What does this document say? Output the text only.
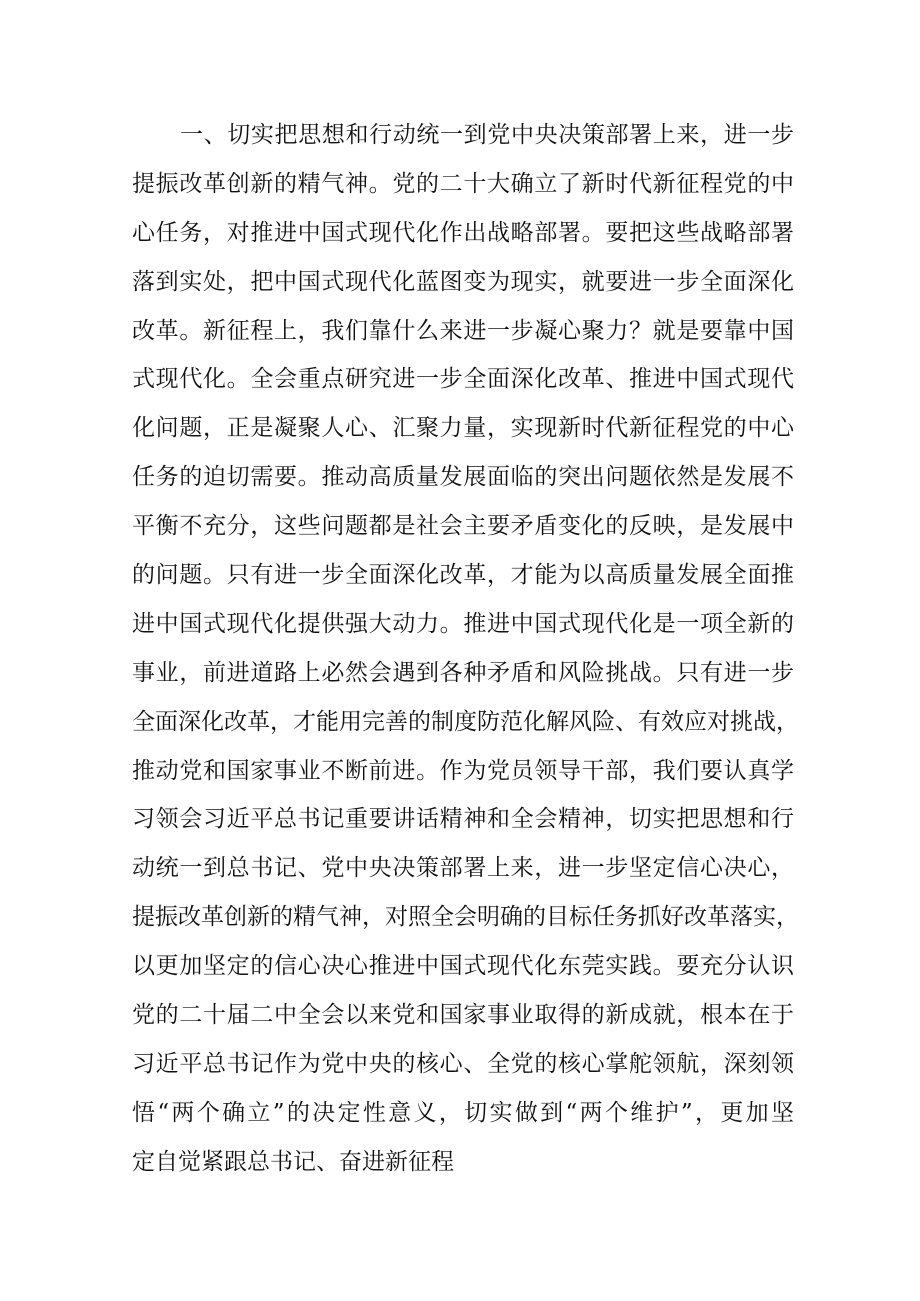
一、切实把思想和行动统一到党中央决策部署上来，进一步
提振改革创新的精气神。党的二十大确立了新时代新征程党的中
心任务，对推进中国式现代化作出战略部署。要把这些战略部署
落到实处，把中国式现代化蓝图变为现实，就要进一步全面深化
改革。新征程上，我们靠什么来进一步凝心聚力？就是要靠中国
式现代化。全会重点研究进一步全面深化改革、推进中国式现代
化问题，正是凝聚人心、汇聚力量，实现新时代新征程党的中心
任务的迫切需要。推动高质量发展面临的突出问题依然是发展不
平衡不充分，这些问题都是社会主要矛盾变化的反映，是发展中
的问题。只有进一步全面深化改革，才能为以高质量发展全面推
进中国式现代化提供强大动力。推进中国式现代化是一项全新的
事业，前进道路上必然会遇到各种矛盾和风险挑战。只有进一步
全面深化改革，才能用完善的制度防范化解风险、有效应对挑战，
推动党和国家事业不断前进。作为党员领导干部，我们要认真学
习领会习近平总书记重要讲话精神和全会精神，切实把思想和行
动统一到总书记、党中央决策部署上来，进一步坚定信心决心，
提振改革创新的精气神，对照全会明确的目标任务抓好改革落实，
以更加坚定的信心决心推进中国式现代化东莞实践。要充分认识
党的二十届二中全会以来党和国家事业取得的新成就，根本在于
习近平总书记作为党中央的核心、全党的核心掌舵领航，深刻领
悟“两个确立”的决定性意义，切实做到“两个维护”，更加坚
定自觉紧跟总书记、奋进新征程
